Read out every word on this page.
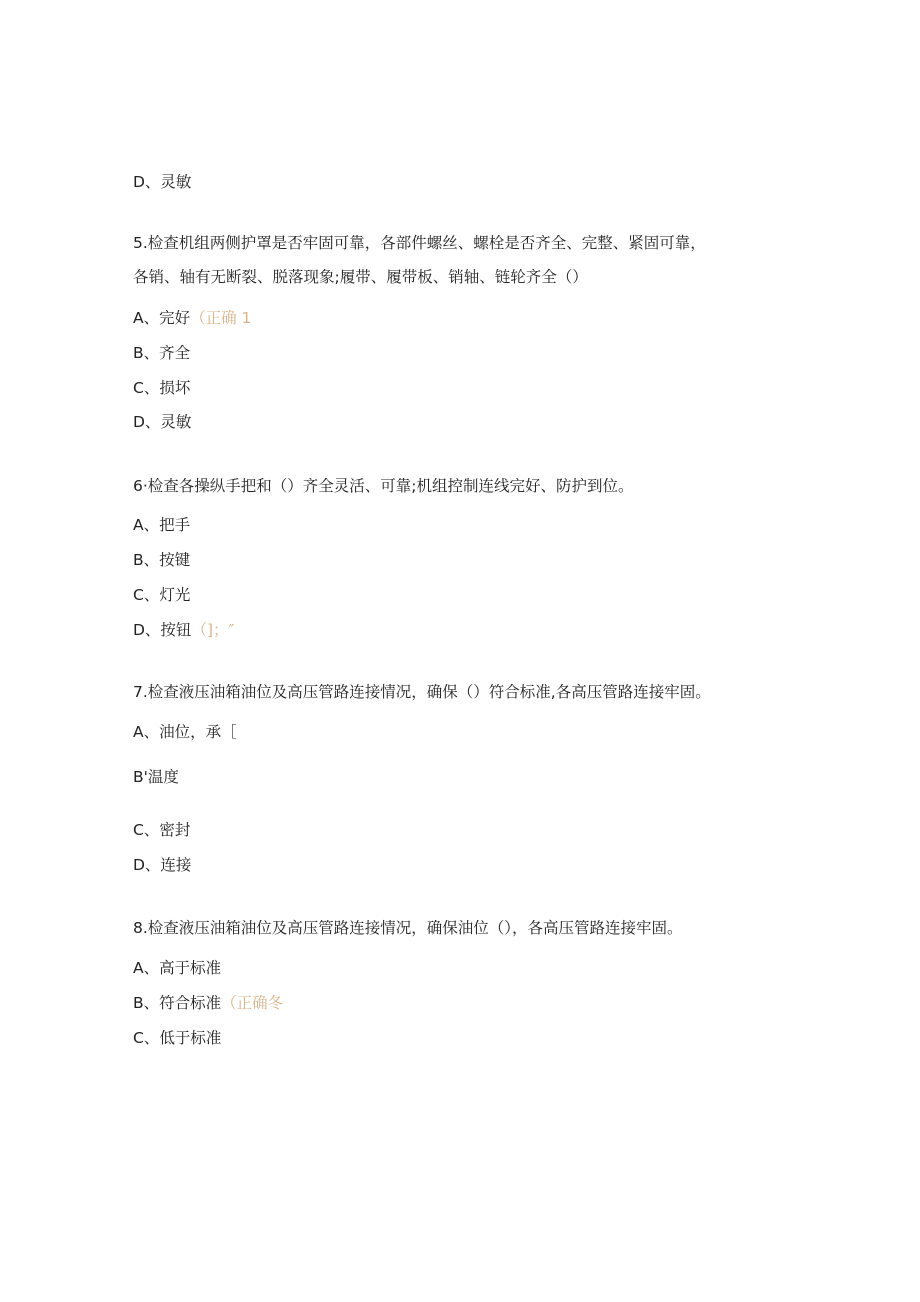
D、灵敏

5.检查机组两侧护罩是否牢固可靠，各部件螺丝、螺栓是否齐全、完整、紧固可靠，

各销、轴有无断裂、脱落现象;履带、履带板、销轴、链轮齐全（）

A、完好（正确 1

B、齐全

C、损坏

D、灵敏

6·检查各操纵手把和（）齐全灵活、可靠;机组控制连线完好、防护到位。

A、把手

B、按键

C、灯光

D、按钮（]；″

7.检查液压油箱油位及高压管路连接情况，确保（）符合标准,各高压管路连接牢固。

A、油位，承［

B'温度

C、密封

D、连接

8.检查液压油箱油位及高压管路连接情况，确保油位（），各高压管路连接牢固。

A、高于标准

B、符合标准（正确冬

C、低于标准
